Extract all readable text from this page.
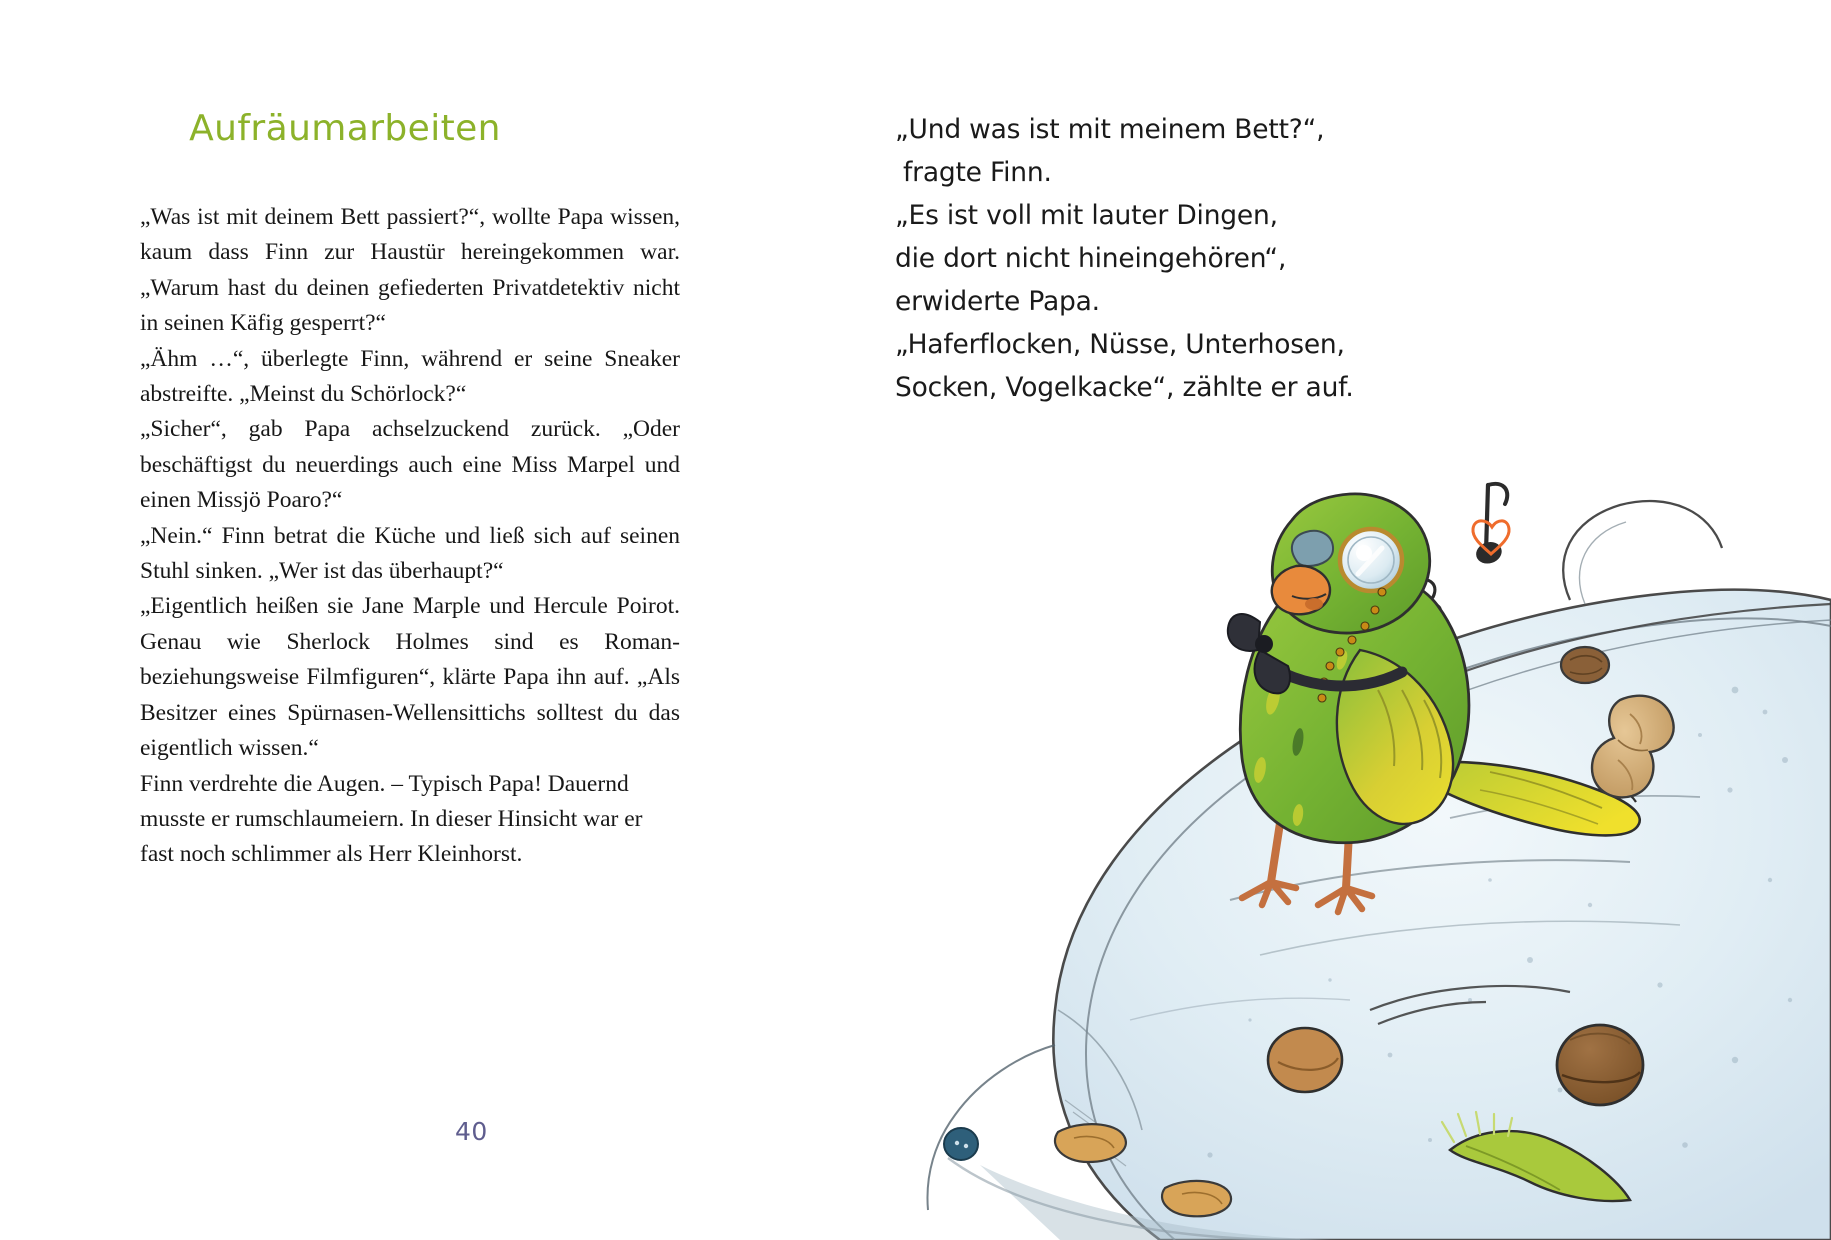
Aufräumarbeiten

„Was ist mit deinem Bett passiert?“, wollte Papa wissen, kaum dass Finn zur Haustür hereingekommen war. „Warum hast du deinen gefiederten Privatdetektiv nicht in seinen Käfig gesperrt?“

„Ähm …“, überlegte Finn, während er seine Sneaker abstreifte. „Meinst du Schörlock?“

„Sicher“, gab Papa achselzuckend zurück. „Oder beschäftigst du neuerdings auch eine Miss Marpel und einen Missjö Poaro?“

„Nein.“ Finn betrat die Küche und ließ sich auf seinen Stuhl sinken. „Wer ist das überhaupt?“

„Eigentlich heißen sie Jane Marple und Hercule Poirot. Genau wie Sherlock Holmes sind es Roman- beziehungsweise Filmfiguren“, klärte Papa ihn auf. „Als Besitzer eines Spürnasen-Wellensittichs solltest du das eigentlich wissen.“

Finn verdrehte die Augen. – Typisch Papa! Dauernd musste er rumschlaumeiern. In dieser Hinsicht war er fast noch schlimmer als Herr Kleinhorst.

40
„Und was ist mit meinem Bett?“,
fragte Finn.
„Es ist voll mit lauter Dingen,
die dort nicht hineingehören“,
erwiderte Papa.
„Haferflocken, Nüsse, Unterhosen,
Socken, Vogelkacke“, zählte er auf.
